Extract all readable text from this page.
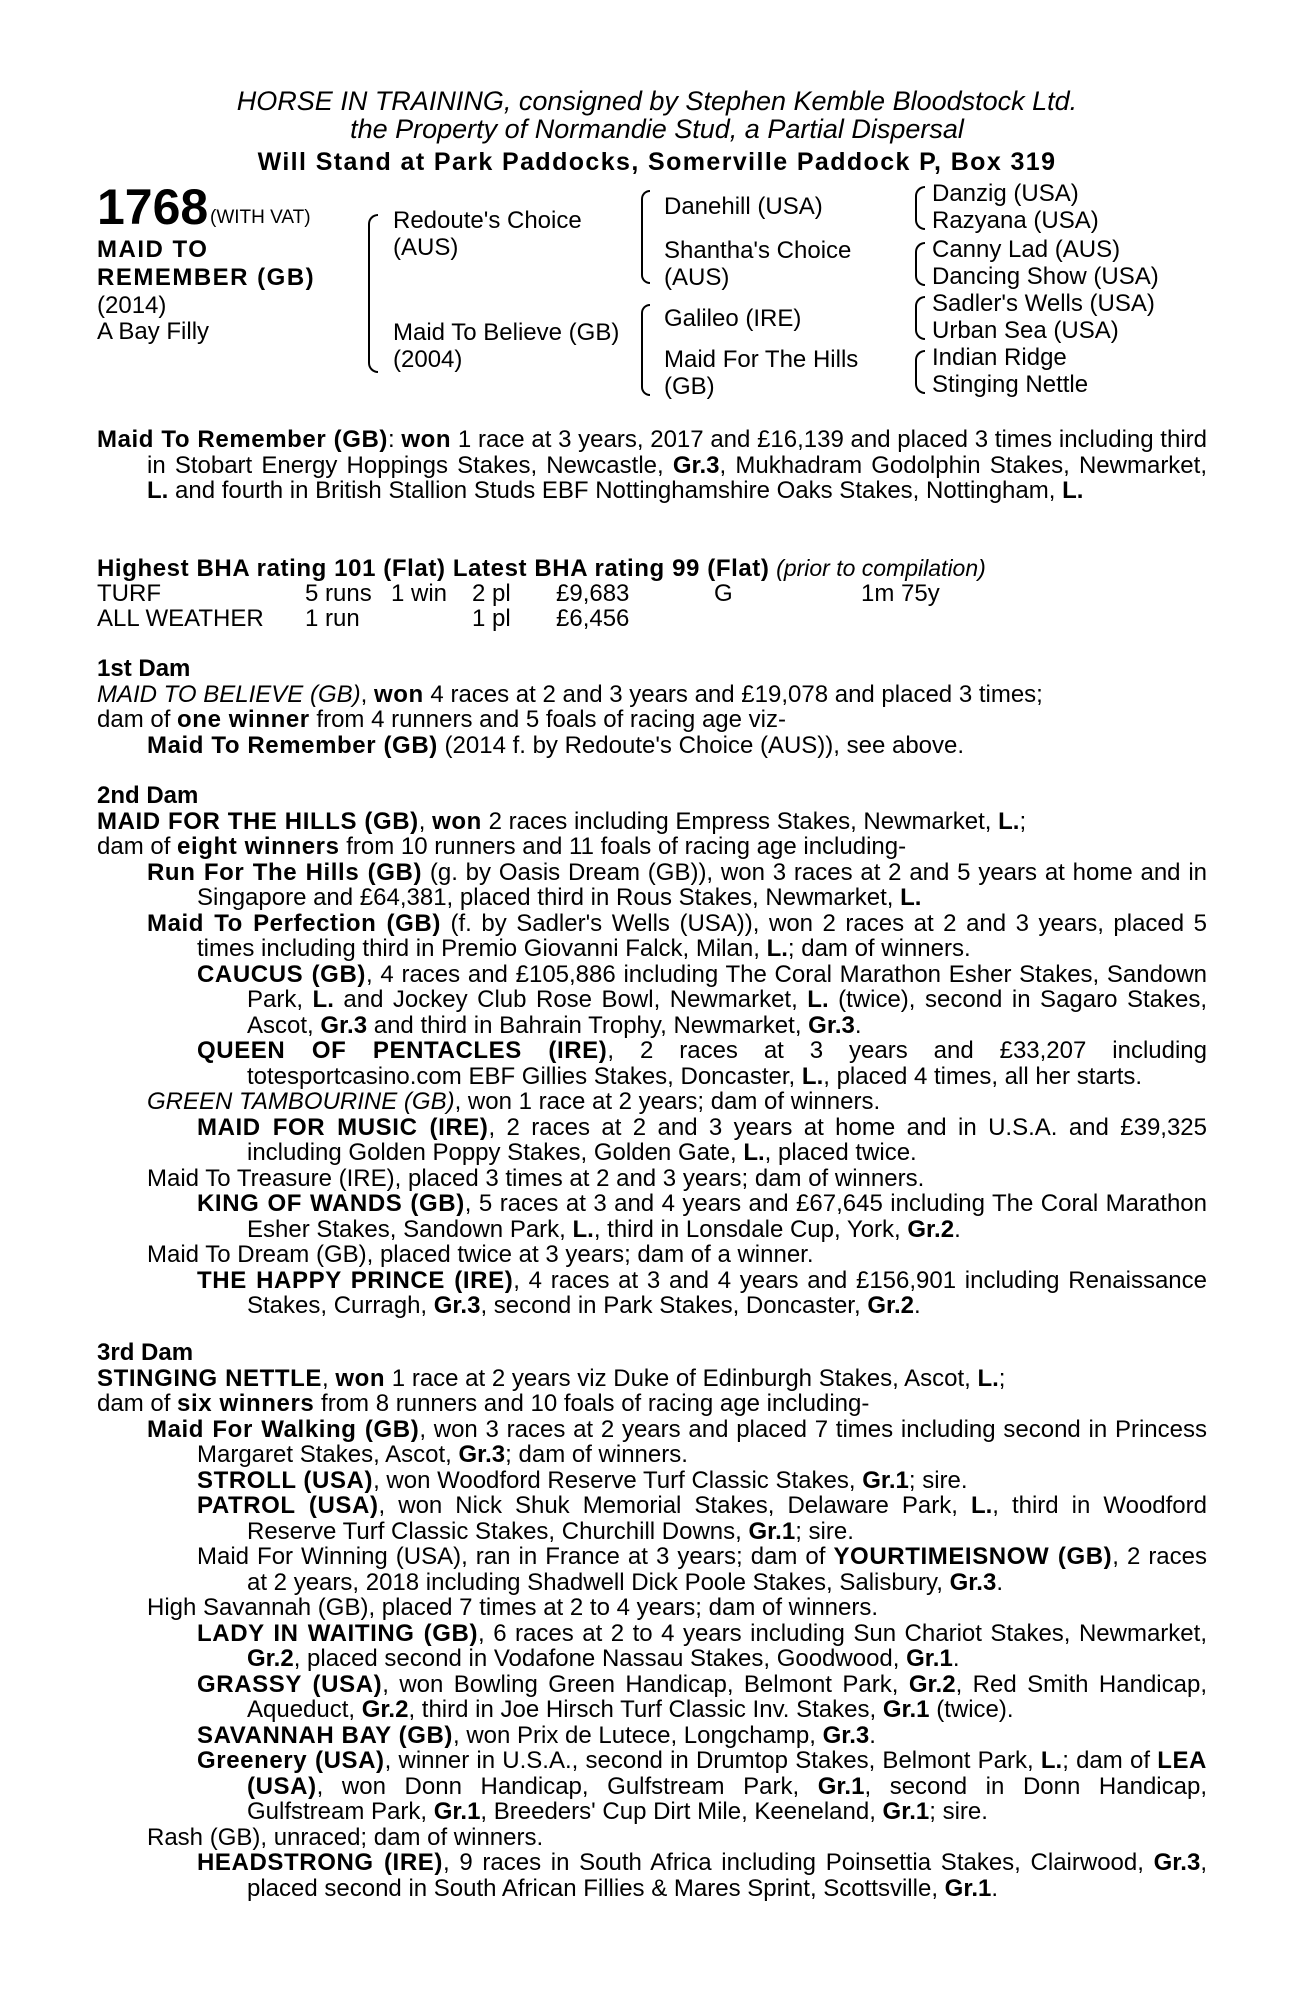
HORSE IN TRAINING, consigned by Stephen Kemble Bloodstock Ltd.
the Property of Normandie Stud, a Partial Dispersal
Will Stand at Park Paddocks, Somerville Paddock P, Box 319
1768 (WITH VAT)
MAID TO
REMEMBER (GB)
(2014)
A Bay Filly
Redoute's Choice
(AUS)
Maid To Believe (GB)
(2004)
Danehill (USA)
Shantha's Choice
(AUS)
Galileo (IRE)
Maid For The Hills
(GB)
Danzig (USA)
Razyana (USA)
Canny Lad (AUS)
Dancing Show (USA)
Sadler's Wells (USA)
Urban Sea (USA)
Indian Ridge
Stinging Nettle

Maid To Remember (GB): won 1 race at 3 years, 2017 and £16,139 and placed 3 times including third in Stobart Energy Hoppings Stakes, Newcastle, Gr.3, Mukhadram Godolphin Stakes, Newmarket, L. and fourth in British Stallion Studs EBF Nottinghamshire Oaks Stakes, Nottingham, L.

Highest BHA rating 101 (Flat) Latest BHA rating 99 (Flat) (prior to compilation)
TURF	5 runs 1 win 2 pl £9,683	G	1m 75y
ALL WEATHER 1 run	1 pl £6,456

1st Dam

MAID TO BELIEVE (GB), won 4 races at 2 and 3 years and £19,078 and placed 3 times;

dam of one winner from 4 runners and 5 foals of racing age viz-

Maid To Remember (GB) (2014 f. by Redoute's Choice (AUS)), see above.

2nd Dam

MAID FOR THE HILLS (GB), won 2 races including Empress Stakes, Newmarket, L.;

dam of eight winners from 10 runners and 11 foals of racing age including-

Run For The Hills (GB) (g. by Oasis Dream (GB)), won 3 races at 2 and 5 years at home and in Singapore and £64,381, placed third in Rous Stakes, Newmarket, L.

Maid To Perfection (GB) (f. by Sadler's Wells (USA)), won 2 races at 2 and 3 years, placed 5 times including third in Premio Giovanni Falck, Milan, L.; dam of winners.

CAUCUS (GB), 4 races and £105,886 including The Coral Marathon Esher Stakes, Sandown Park, L. and Jockey Club Rose Bowl, Newmarket, L. (twice), second in Sagaro Stakes, Ascot, Gr.3 and third in Bahrain Trophy, Newmarket, Gr.3.

QUEEN OF PENTACLES (IRE), 2 races at 3 years and £33,207 including totesportcasino.com EBF Gillies Stakes, Doncaster, L., placed 4 times, all her starts.

GREEN TAMBOURINE (GB), won 1 race at 2 years; dam of winners.

MAID FOR MUSIC (IRE), 2 races at 2 and 3 years at home and in U.S.A. and £39,325 including Golden Poppy Stakes, Golden Gate, L., placed twice.

Maid To Treasure (IRE), placed 3 times at 2 and 3 years; dam of winners.

KING OF WANDS (GB), 5 races at 3 and 4 years and £67,645 including The Coral Marathon Esher Stakes, Sandown Park, L., third in Lonsdale Cup, York, Gr.2.

Maid To Dream (GB), placed twice at 3 years; dam of a winner.

THE HAPPY PRINCE (IRE), 4 races at 3 and 4 years and £156,901 including Renaissance Stakes, Curragh, Gr.3, second in Park Stakes, Doncaster, Gr.2.

3rd Dam

STINGING NETTLE, won 1 race at 2 years viz Duke of Edinburgh Stakes, Ascot, L.;

dam of six winners from 8 runners and 10 foals of racing age including-

Maid For Walking (GB), won 3 races at 2 years and placed 7 times including second in Princess Margaret Stakes, Ascot, Gr.3; dam of winners.

STROLL (USA), won Woodford Reserve Turf Classic Stakes, Gr.1; sire.

PATROL (USA), won Nick Shuk Memorial Stakes, Delaware Park, L., third in Woodford Reserve Turf Classic Stakes, Churchill Downs, Gr.1; sire.

Maid For Winning (USA), ran in France at 3 years; dam of YOURTIMEISNOW (GB), 2 races at 2 years, 2018 including Shadwell Dick Poole Stakes, Salisbury, Gr.3.

High Savannah (GB), placed 7 times at 2 to 4 years; dam of winners.

LADY IN WAITING (GB), 6 races at 2 to 4 years including Sun Chariot Stakes, Newmarket, Gr.2, placed second in Vodafone Nassau Stakes, Goodwood, Gr.1.

GRASSY (USA), won Bowling Green Handicap, Belmont Park, Gr.2, Red Smith Handicap, Aqueduct, Gr.2, third in Joe Hirsch Turf Classic Inv. Stakes, Gr.1 (twice).

SAVANNAH BAY (GB), won Prix de Lutece, Longchamp, Gr.3.

Greenery (USA), winner in U.S.A., second in Drumtop Stakes, Belmont Park, L.; dam of LEA (USA), won Donn Handicap, Gulfstream Park, Gr.1, second in Donn Handicap, Gulfstream Park, Gr.1, Breeders' Cup Dirt Mile, Keeneland, Gr.1; sire.

Rash (GB), unraced; dam of winners.

HEADSTRONG (IRE), 9 races in South Africa including Poinsettia Stakes, Clairwood, Gr.3, placed second in South African Fillies & Mares Sprint, Scottsville, Gr.1.
